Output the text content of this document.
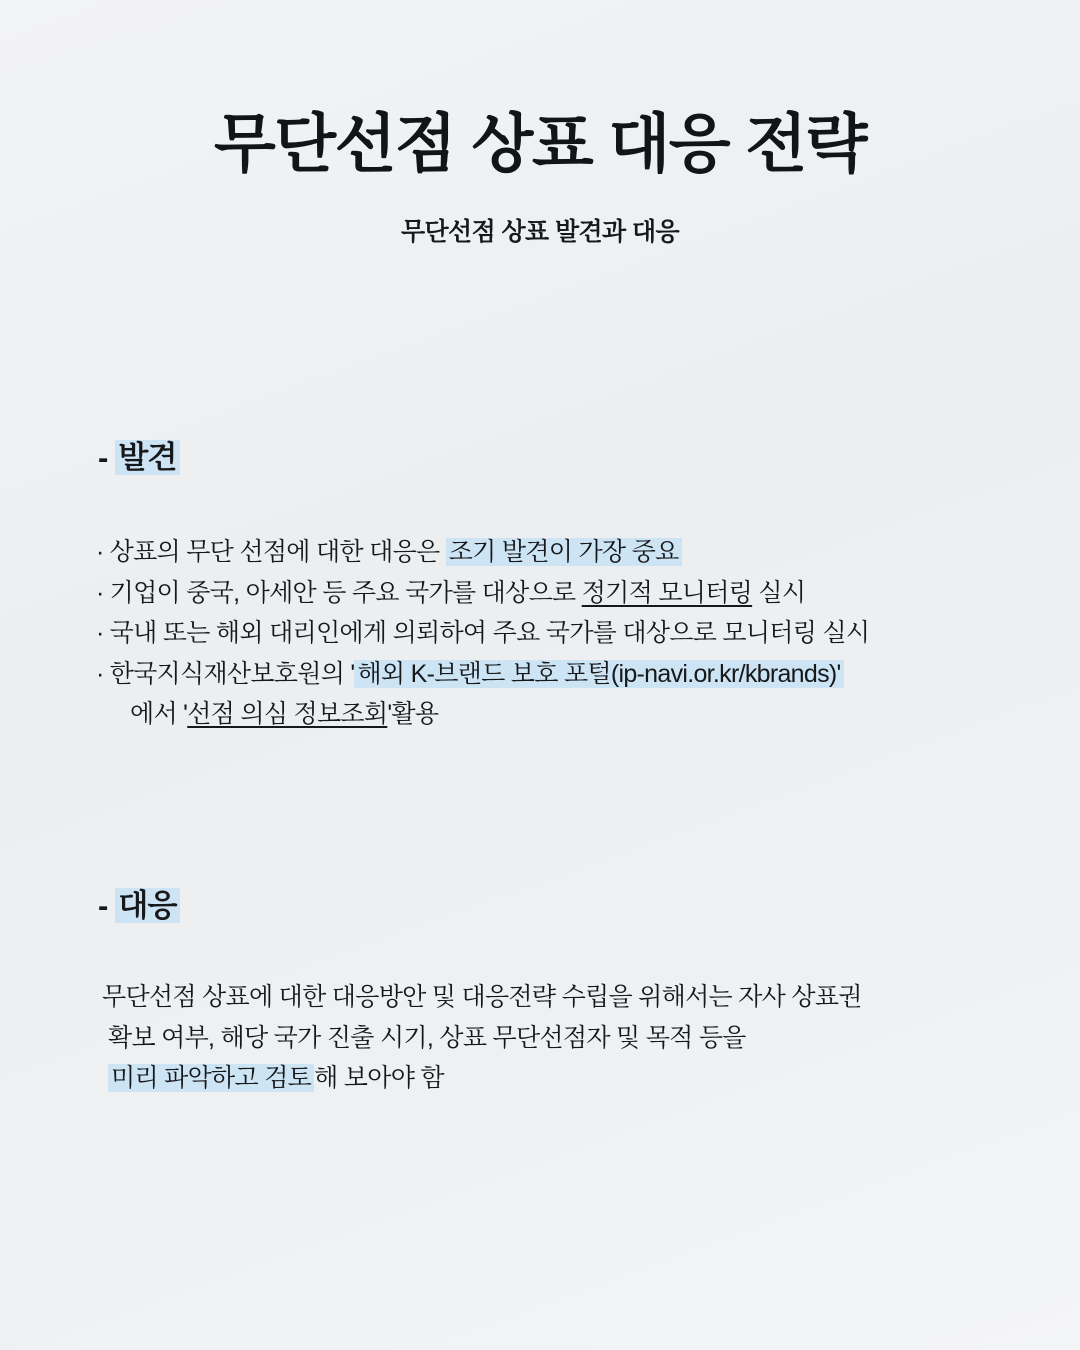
무단선점 상표 대응 전략
무단선점 상표 발견과 대응
- 발견
· 상표의 무단 선점에 대한 대응은 조기 발견이 가장 중요
· 기업이 중국, 아세안 등 주요 국가를 대상으로 정기적 모니터링 실시
· 국내 또는 해외 대리인에게 의뢰하여 주요 국가를 대상으로 모니터링 실시
· 한국지식재산보호원의 ' 해외 K-브랜드 보호 포털(ip-navi.or.kr/kbrands)'
에서 '선점 의심 정보조회'활용
- 대응
무단선점 상표에 대한 대응방안 및 대응전략 수립을 위해서는 자사 상표권
확보 여부, 해당 국가 진출 시기, 상표 무단선점자 및 목적 등을
미리 파악하고 검토 해 보아야 함
